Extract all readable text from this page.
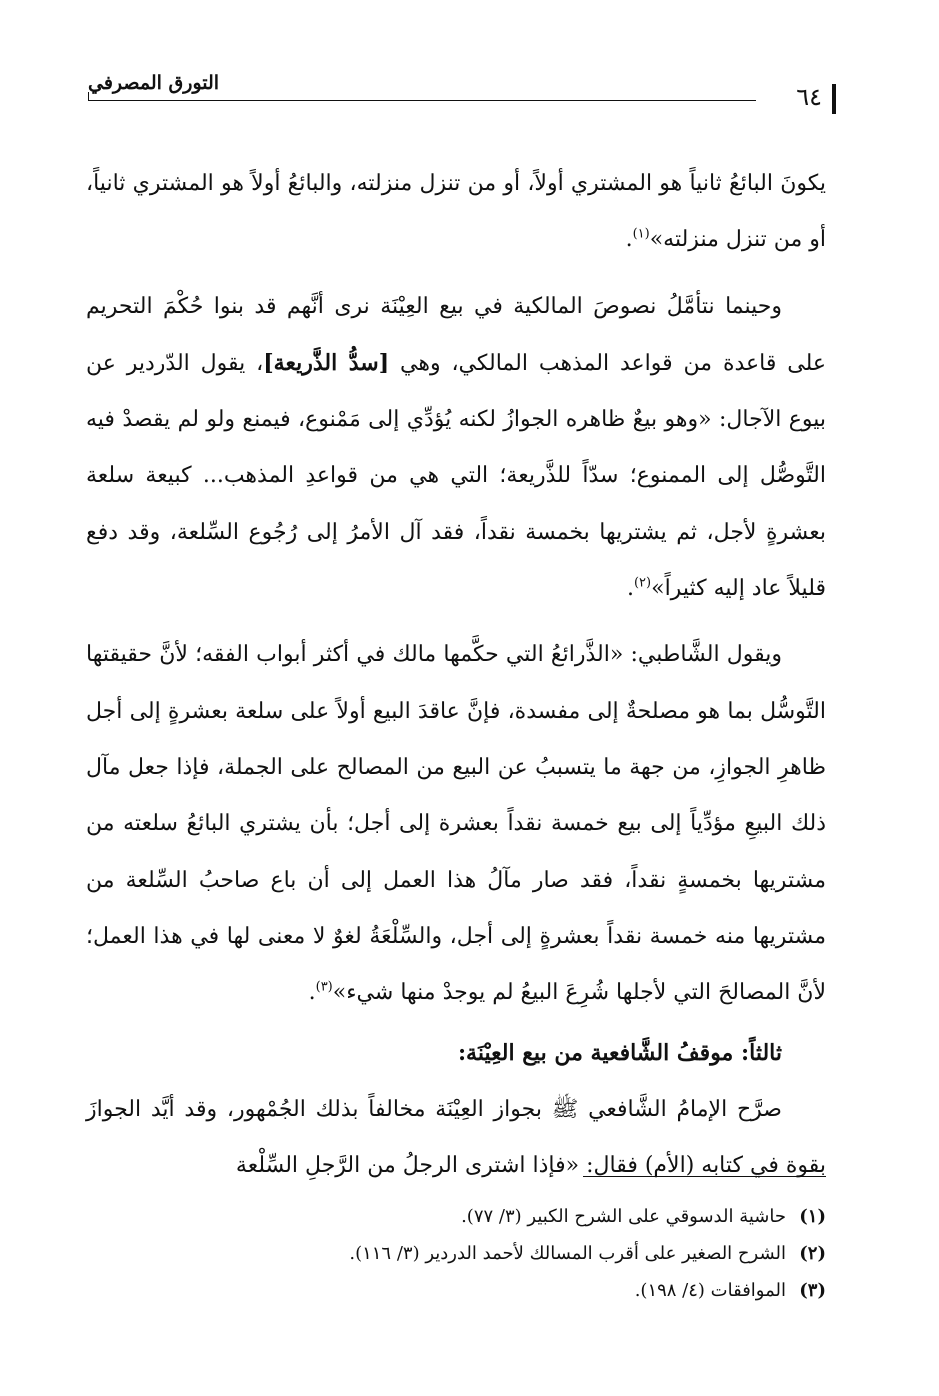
التورق المصرفي	٦٤

يكونَ البائعُ ثانياً هو المشتري أولاً، أو من تنزل منزلته، والبائعُ أولاً هو المشتري ثانياً، أو من تنزل منزلته»$^{(١)}$.

وحينما نتأمَّلُ نصوصَ المالكية في بيع العِيْنَة نرى أنَّهم قد بنوا حُكْمَ التحريم على قاعدة من قواعد المذهب المالكي، وهي [سدُّ الذَّريعة]، يقول الدّردير عن بيوع الآجال: «وهو بيعٌ ظاهره الجوازُ لكنه يُؤدِّي إلى مَمْنوع، فيمنع ولو لم يقصدْ فيه التَّوصُّل إلى الممنوع؛ سدّاً للذَّريعة؛ التي هي من قواعدِ المذهب... كبيعة سلعة بعشرةٍ لأجل، ثم يشتريها بخمسة نقداً، فقد آل الأمرُ إلى رُجُوع السِّلعة، وقد دفع قليلاً عاد إليه كثيراً»$^{(٢)}$.

ويقول الشَّاطبي: «الذَّرائعُ التي حكَّمها مالك في أكثر أبواب الفقه؛ لأنَّ حقيقتها التَّوسُّل بما هو مصلحةٌ إلى مفسدة، فإنَّ عاقدَ البيع أولاً على سلعة بعشرةٍ إلى أجل ظاهرِ الجوازِ، من جهة ما يتسببُ عن البيع من المصالح على الجملة، فإذا جعل مآل ذلك البيعِ مؤدِّياً إلى بيع خمسة نقداً بعشرة إلى أجل؛ بأن يشتري البائعُ سلعته من مشتريها بخمسةٍ نقداً، فقد صار مآلُ هذا العمل إلى أن باع صاحبُ السِّلعة من مشتريها منه خمسة نقداً بعشرةٍ إلى أجل، والسِّلْعَةُ لغوٌ لا معنى لها في هذا العمل؛ لأنَّ المصالحَ التي لأجلها شُرِعَ البيعُ لم يوجدْ منها شيء»$^{(٣)}$.

ثالثاً: موقفُ الشَّافعية من بيع العِيْنَة:

صرَّح الإمامُ الشَّافعي ﷺ بجواز العِيْنَة مخالفاً بذلك الجُمْهور، وقد أيَّد الجوازَ بقوة في كتابه (الأم) فقال: «فإذا اشترى الرجلُ من الرَّجلِ السِّلْعة

(١)حاشية الدسوقي على الشرح الكبير (٣/ ٧٧).

(٢)الشرح الصغير على أقرب المسالك لأحمد الدردير (٣/ ١١٦).

(٣)الموافقات (٤/ ١٩٨).
